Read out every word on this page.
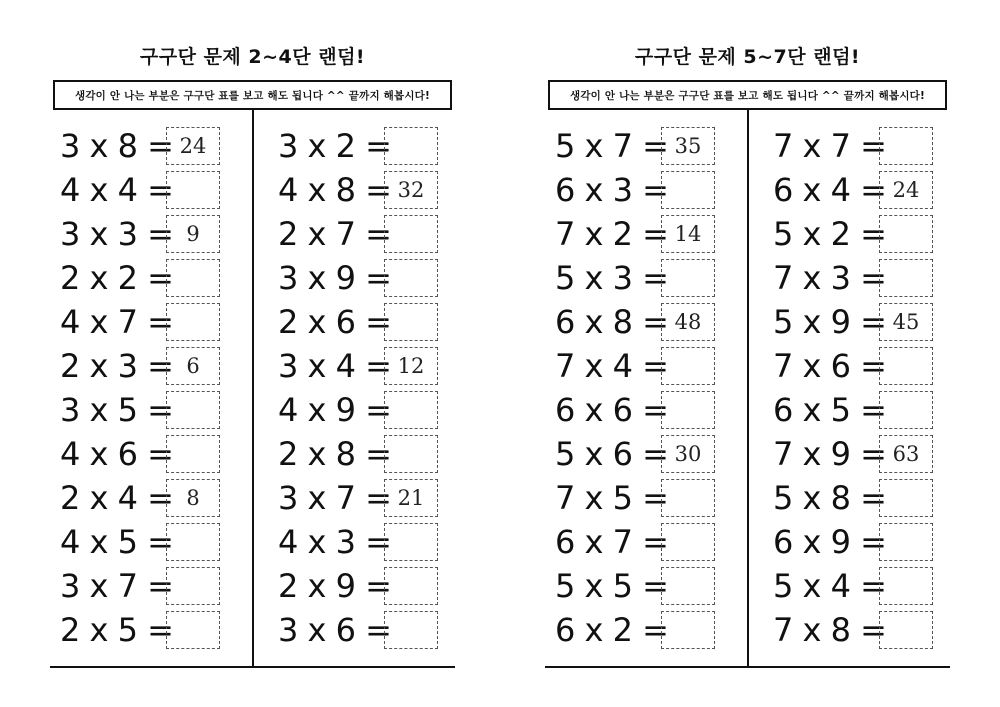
구구단 문제 2~4단 랜덤!
생각이 안 나는 부분은 구구단 표를 보고 해도 됩니다 ^^ 끝까지 해봅시다!
3 x 8 = 24
4 x 4 =
3 x 3 = 9
2 x 2 =
4 x 7 =
2 x 3 = 6
3 x 5 =
4 x 6 =
2 x 4 = 8
4 x 5 =
3 x 7 =
2 x 5 =
3 x 2 =
4 x 8 = 32
2 x 7 =
3 x 9 =
2 x 6 =
3 x 4 = 12
4 x 9 =
2 x 8 =
3 x 7 = 21
4 x 3 =
2 x 9 =
3 x 6 =
구구단 문제 5~7단 랜덤!
생각이 안 나는 부분은 구구단 표를 보고 해도 됩니다 ^^ 끝까지 해봅시다!
5 x 7 = 35
6 x 3 =
7 x 2 = 14
5 x 3 =
6 x 8 = 48
7 x 4 =
6 x 6 =
5 x 6 = 30
7 x 5 =
6 x 7 =
5 x 5 =
6 x 2 =
7 x 7 =
6 x 4 = 24
5 x 2 =
7 x 3 =
5 x 9 = 45
7 x 6 =
6 x 5 =
7 x 9 = 63
5 x 8 =
6 x 9 =
5 x 4 =
7 x 8 =
